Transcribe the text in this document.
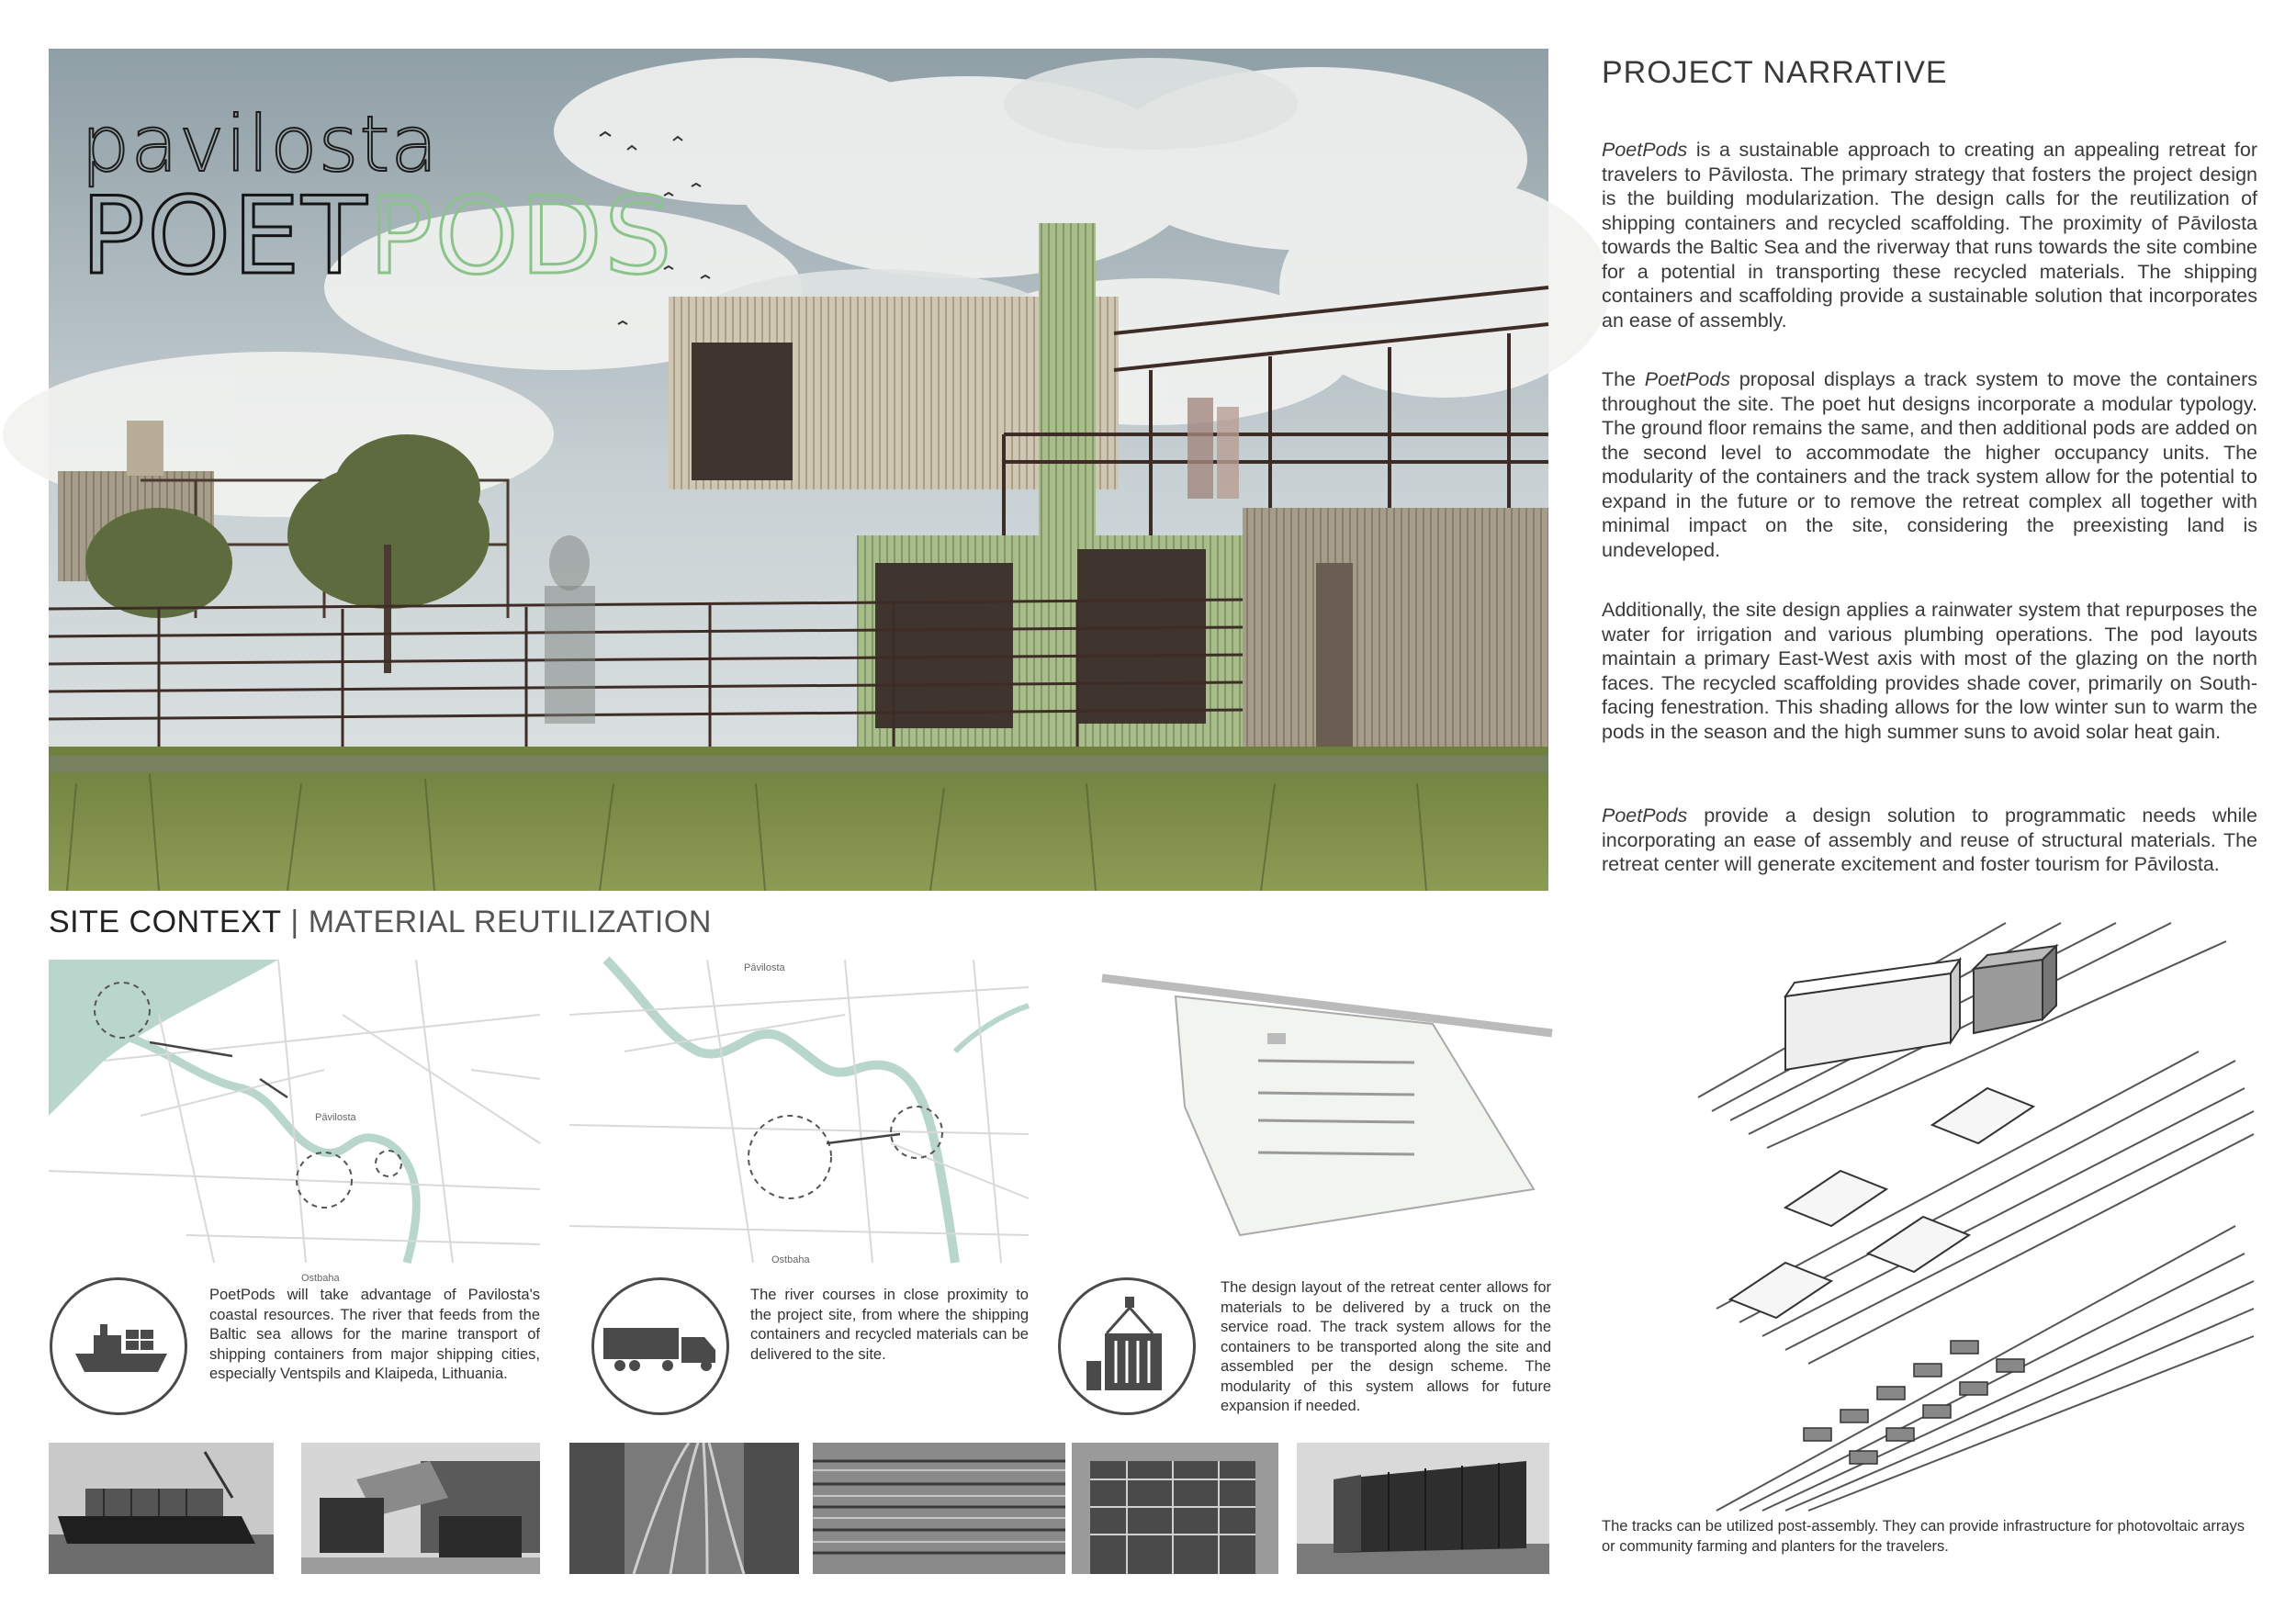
pavilosta
POETPODS
PROJECT NARRATIVE
PoetPods is a sustainable approach to creating an appealing retreat for travelers to Pāvilosta. The primary strategy that fosters the project design is the building modularization. The design calls for the reutilization of shipping containers and recycled scaffolding. The proximity of Pāvilosta towards the Baltic Sea and the riverway that runs towards the site combine for a potential in transporting these recycled materials. The shipping containers and scaffolding provide a sustainable solution that incorporates an ease of assembly.
The PoetPods proposal displays a track system to move the containers throughout the site. The poet hut designs incorporate a modular typology. The ground floor remains the same, and then additional pods are added on the second level to accommodate the higher occupancy units. The modularity of the containers and the track system allow for the potential to expand in the future or to remove the retreat complex all together with minimal impact on the site, considering the preexisting land is undeveloped.
Additionally, the site design applies a rainwater system that repurposes the water for irrigation and various plumbing operations. The pod layouts maintain a primary East-West axis with most of the glazing on the north faces. The recycled scaffolding provides shade cover, primarily on South-facing fenestration. This shading allows for the low winter sun to warm the pods in the season and the high summer suns to avoid solar heat gain.
PoetPods provide a design solution to programmatic needs while incorporating an ease of assembly and reuse of structural materials. The retreat center will generate excitement and foster tourism for Pāvilosta.
SITE CONTEXT | MATERIAL REUTILIZATION
Pāvilosta
Ostbaha
Pāvilosta
Ostbaha
PoetPods will take advantage of Pavilosta's coastal resources. The river that feeds from the Baltic sea allows for the marine transport of shipping containers from major shipping cities, especially Ventspils and Klaipeda, Lithuania.
The river courses in close proximity to the project site, from where the shipping containers and recycled materials can be delivered to the site.
The design layout of the retreat center allows for materials to be delivered by a truck on the service road. The track system allows for the containers to be transported along the site and assembled per the design scheme. The modularity of this system allows for future expansion if needed.
The tracks can be utilized post-assembly. They can provide infrastructure for photovoltaic arrays or community farming and planters for the travelers.
